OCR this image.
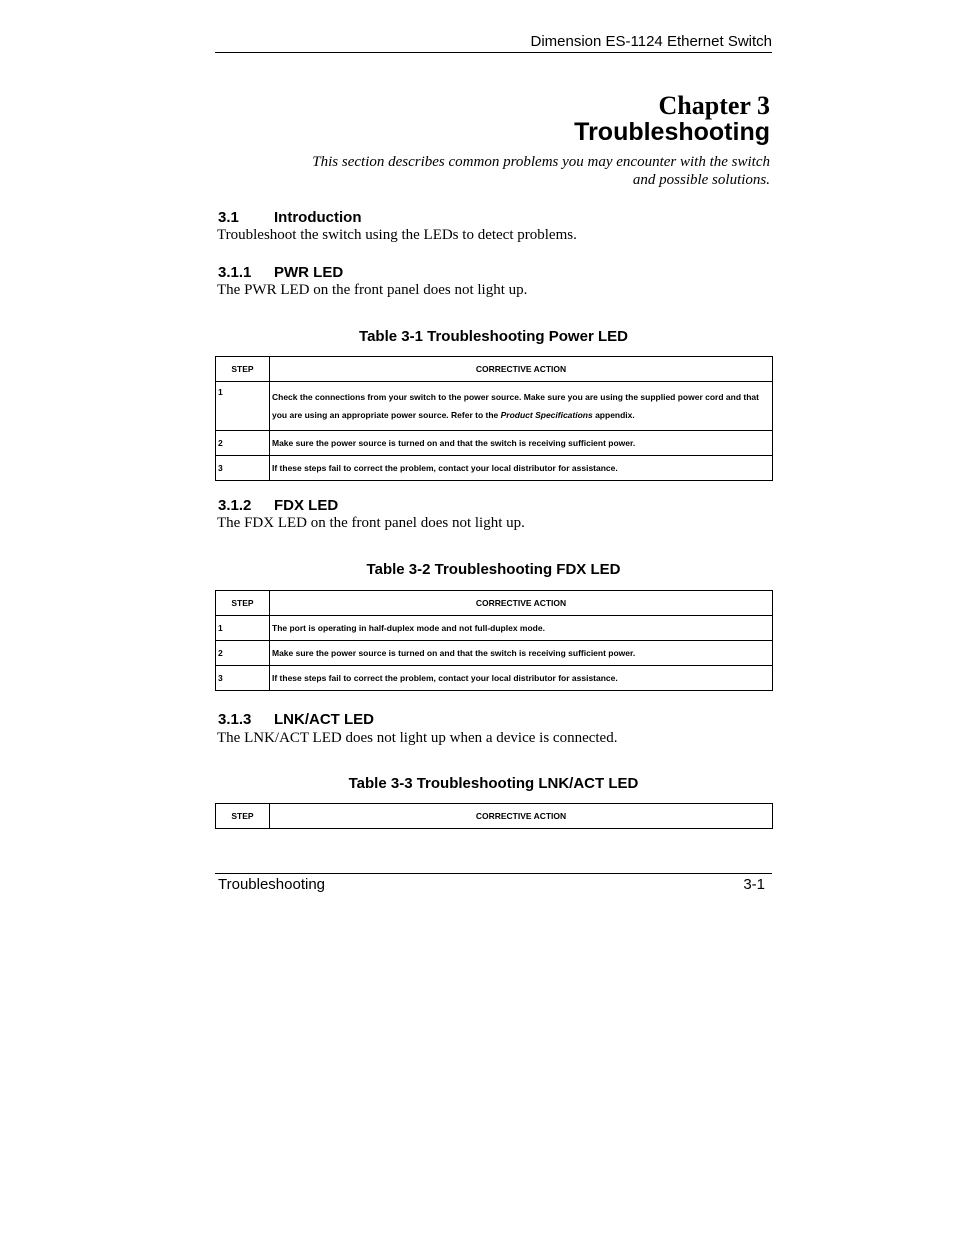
Dimension ES-1124 Ethernet Switch
Chapter 3
Troubleshooting
This section describes common problems you may encounter with the switch
and possible solutions.
3.1 Introduction
Troubleshoot the switch using the LEDs to detect problems.
3.1.1 PWR LED
The PWR LED on the front panel does not light up.
Table 3-1 Troubleshooting Power LED
STEP	CORRECTIVE ACTION
1	Check the connections from your switch to the power source. Make sure you are using the supplied power cord and that you are using an appropriate power source. Refer to the Product Specifications appendix.
2	Make sure the power source is turned on and that the switch is receiving sufficient power.
3	If these steps fail to correct the problem, contact your local distributor for assistance.
3.1.2 FDX LED
The FDX LED on the front panel does not light up.
Table 3-2 Troubleshooting FDX LED
STEP	CORRECTIVE ACTION
1	The port is operating in half-duplex mode and not full-duplex mode.
2	Make sure the power source is turned on and that the switch is receiving sufficient power.
3	If these steps fail to correct the problem, contact your local distributor for assistance.
3.1.3 LNK/ACT LED
The LNK/ACT LED does not light up when a device is connected.
Table 3-3 Troubleshooting LNK/ACT LED
STEP	CORRECTIVE ACTION
Troubleshooting	3-1
